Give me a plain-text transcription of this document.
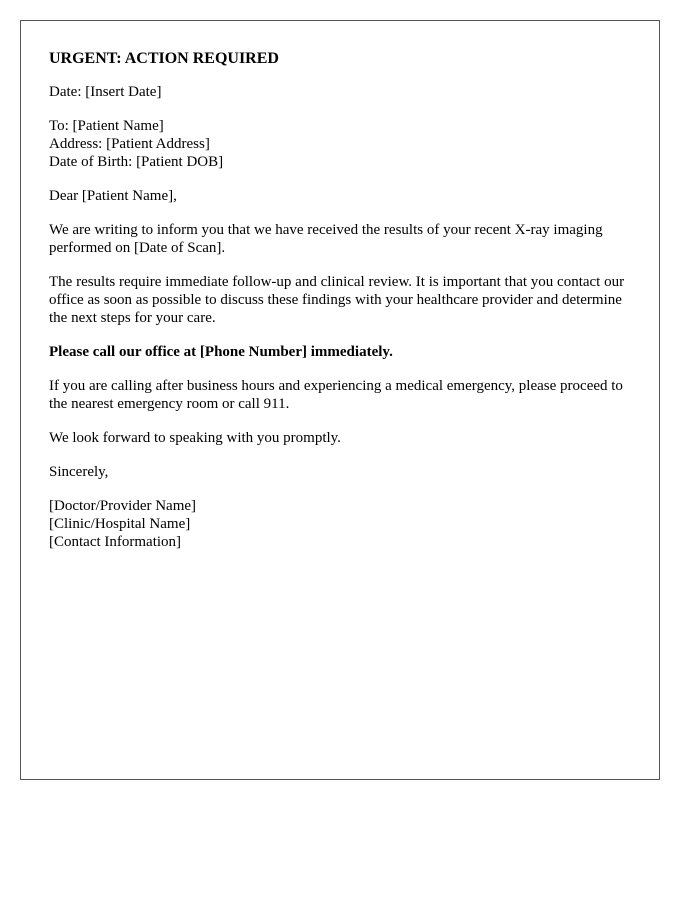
URGENT: ACTION REQUIRED
Date: [Insert Date]
To: [Patient Name]
Address: [Patient Address]
Date of Birth: [Patient DOB]
Dear [Patient Name],
We are writing to inform you that we have received the results of your recent X-ray imaging performed on [Date of Scan].
The results require immediate follow-up and clinical review. It is important that you contact our office as soon as possible to discuss these findings with your healthcare provider and determine the next steps for your care.
Please call our office at [Phone Number] immediately.
If you are calling after business hours and experiencing a medical emergency, please proceed to the nearest emergency room or call 911.
We look forward to speaking with you promptly.
Sincerely,
[Doctor/Provider Name]
[Clinic/Hospital Name]
[Contact Information]
